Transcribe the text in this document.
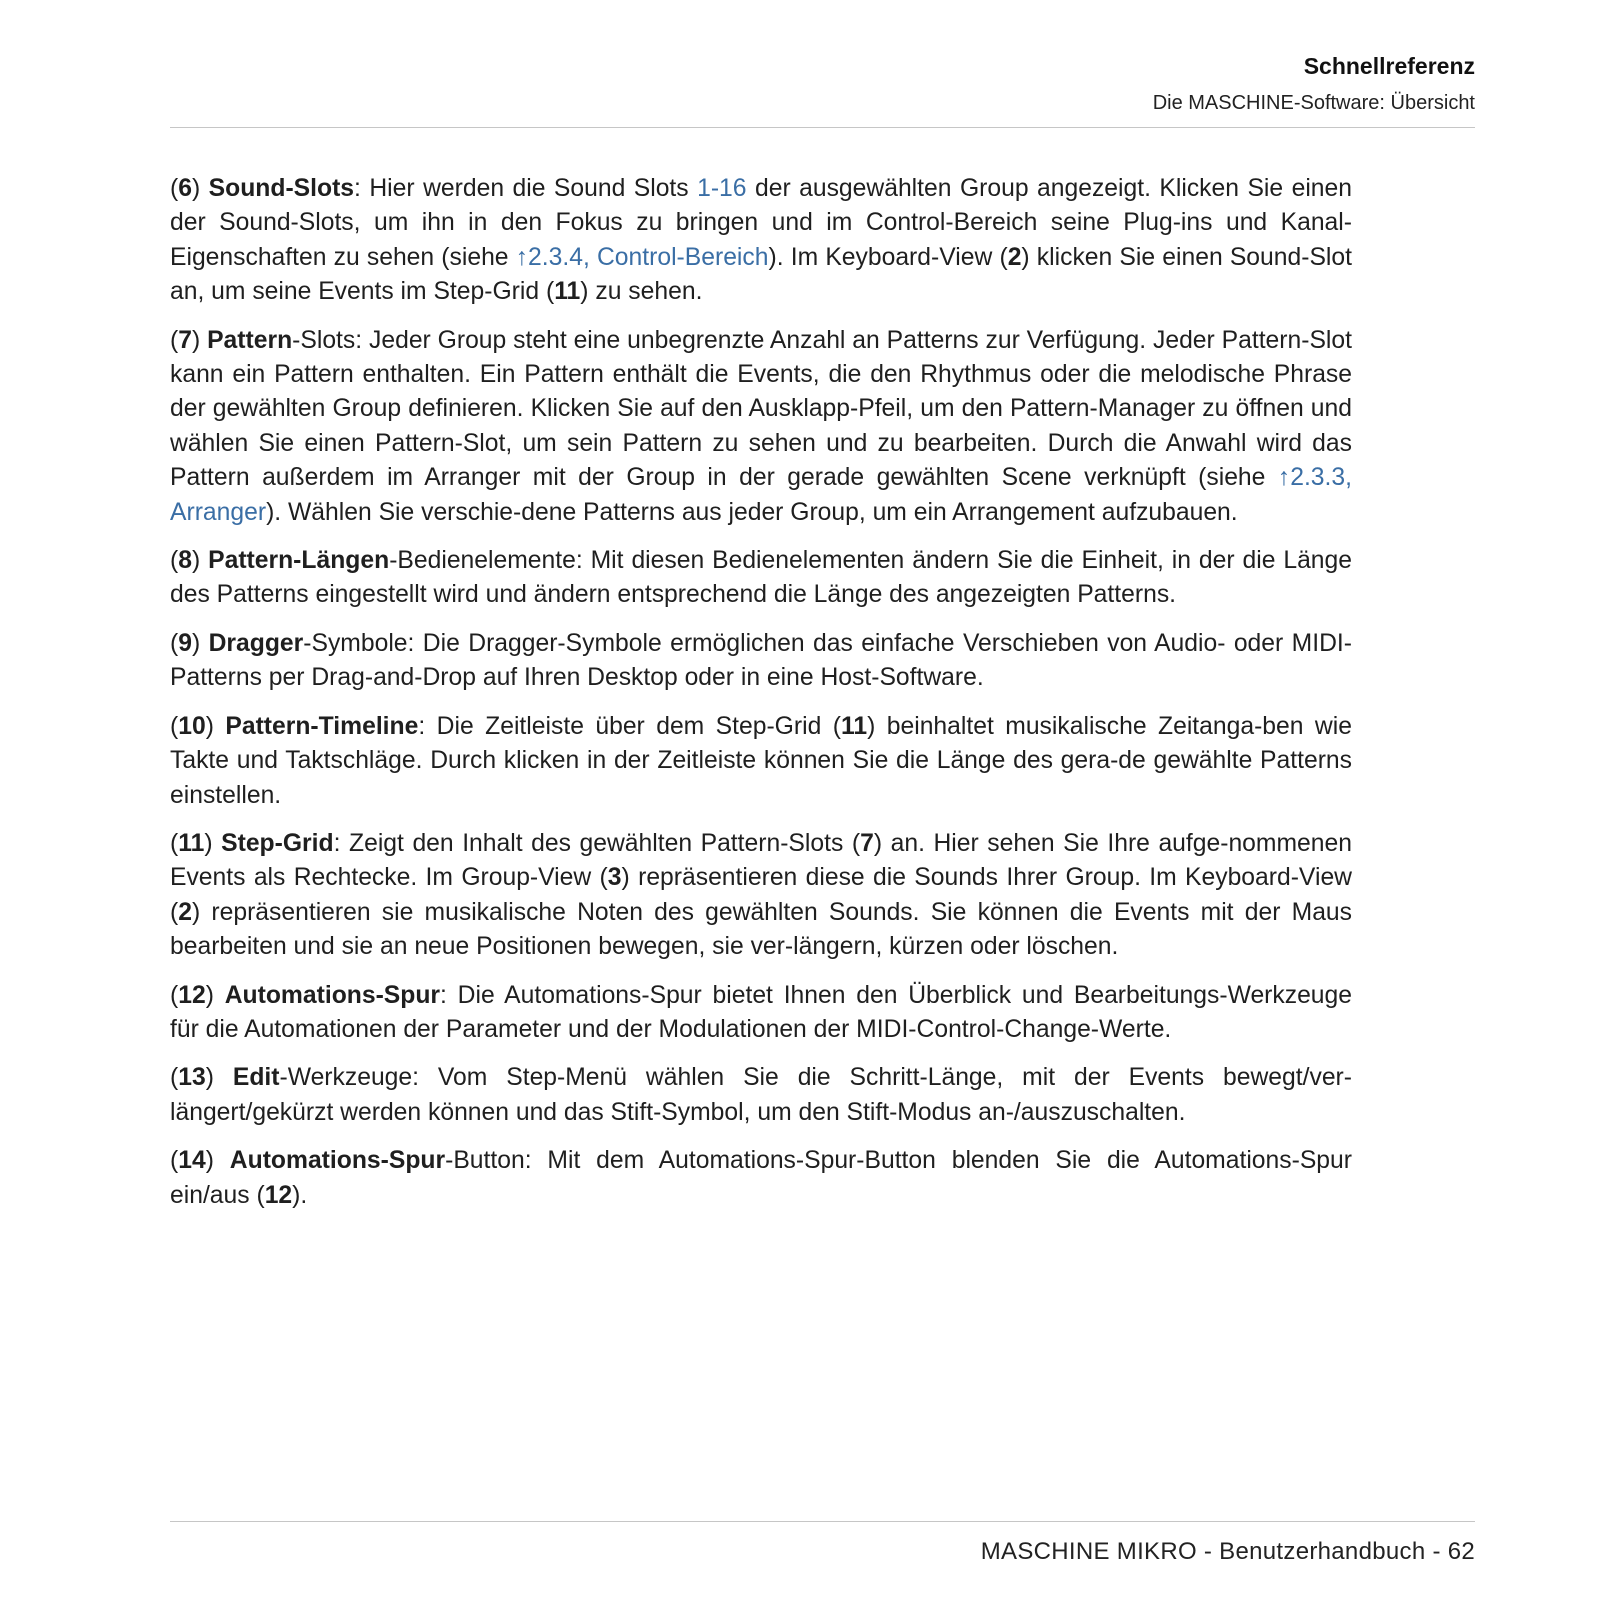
Schnellreferenz
Die MASCHINE-Software: Übersicht

(6) Sound-Slots: Hier werden die Sound Slots 1-16 der ausgewählten Group angezeigt. Klicken Sie einen der Sound-Slots, um ihn in den Fokus zu bringen und im Control-Bereich seine Plug-ins und Kanal-Eigenschaften zu sehen (siehe ↑2.3.4, Control-Bereich). Im Keyboard-View (2) klicken Sie einen Sound-Slot an, um seine Events im Step-Grid (11) zu sehen.

(7) Pattern-Slots: Jeder Group steht eine unbegrenzte Anzahl an Patterns zur Verfügung. Jeder Pattern-Slot kann ein Pattern enthalten. Ein Pattern enthält die Events, die den Rhythmus oder die melodische Phrase der gewählten Group definieren. Klicken Sie auf den Ausklapp-Pfeil, um den Pattern-Manager zu öffnen und wählen Sie einen Pattern-Slot, um sein Pattern zu sehen und zu bearbeiten. Durch die Anwahl wird das Pattern außerdem im Arranger mit der Group in der gerade gewählten Scene verknüpft (siehe ↑2.3.3, Arranger). Wählen Sie verschie-dene Patterns aus jeder Group, um ein Arrangement aufzubauen.

(8) Pattern-Längen-Bedienelemente: Mit diesen Bedienelementen ändern Sie die Einheit, in der die Länge des Patterns eingestellt wird und ändern entsprechend die Länge des angezeigten Patterns.

(9) Dragger-Symbole: Die Dragger-Symbole ermöglichen das einfache Verschieben von Audio- oder MIDI-Patterns per Drag-and-Drop auf Ihren Desktop oder in eine Host-Software.

(10) Pattern-Timeline: Die Zeitleiste über dem Step-Grid (11) beinhaltet musikalische Zeitanga-ben wie Takte und Taktschläge. Durch klicken in der Zeitleiste können Sie die Länge des gera-de gewählte Patterns einstellen.

(11) Step-Grid: Zeigt den Inhalt des gewählten Pattern-Slots (7) an. Hier sehen Sie Ihre aufge-nommenen Events als Rechtecke. Im Group-View (3) repräsentieren diese die Sounds Ihrer Group. Im Keyboard-View (2) repräsentieren sie musikalische Noten des gewählten Sounds. Sie können die Events mit der Maus bearbeiten und sie an neue Positionen bewegen, sie ver-längern, kürzen oder löschen.

(12) Automations-Spur: Die Automations-Spur bietet Ihnen den Überblick und Bearbeitungs-Werkzeuge für die Automationen der Parameter und der Modulationen der MIDI-Control-Change-Werte.

(13) Edit-Werkzeuge: Vom Step-Menü wählen Sie die Schritt-Länge, mit der Events bewegt/ver-längert/gekürzt werden können und das Stift-Symbol, um den Stift-Modus an-/auszuschalten.

(14) Automations-Spur-Button: Mit dem Automations-Spur-Button blenden Sie die Automations-Spur ein/aus (12).

MASCHINE MIKRO - Benutzerhandbuch - 62
